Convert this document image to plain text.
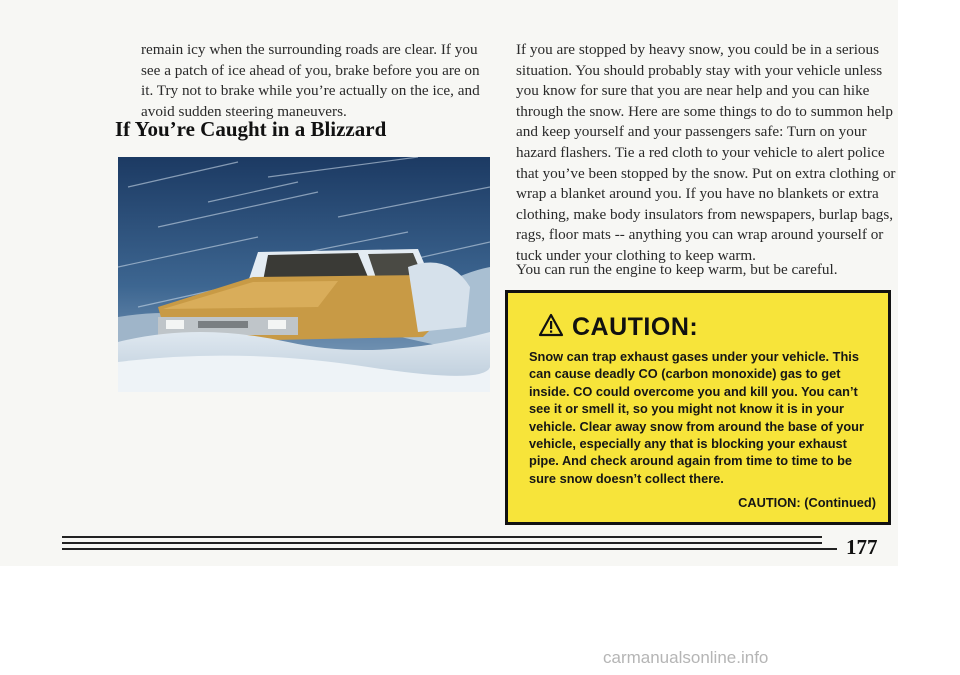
remain icy when the surrounding roads are clear. If you see a patch of ice ahead of you, brake before you are on it. Try not to brake while you’re actually on the ice, and avoid sudden steering maneuvers.

If You’re Caught in a Blizzard

If you are stopped by heavy snow, you could be in a serious situation. You should probably stay with your vehicle unless you know for sure that you are near help and you can hike through the snow. Here are some things to do to summon help and keep yourself and your passengers safe: Turn on your hazard flashers. Tie a red cloth to your vehicle to alert police that you’ve been stopped by the snow. Put on extra clothing or wrap a blanket around you. If you have no blankets or extra clothing, make body insulators from newspapers, burlap bags, rags, floor mats -- anything you can wrap around yourself or tuck under your clothing to keep warm.

You can run the engine to keep warm, but be careful.

CAUTION:

Snow can trap exhaust gases under your vehicle. This can cause deadly CO (carbon monoxide) gas to get inside. CO could overcome you and kill you. You can’t see it or smell it, so you might not know it is in your vehicle. Clear away snow from around the base of your vehicle, especially any that is blocking your exhaust pipe. And check around again from time to time to be sure snow doesn’t collect there.

CAUTION: (Continued)
177
carmanualsonline.info
